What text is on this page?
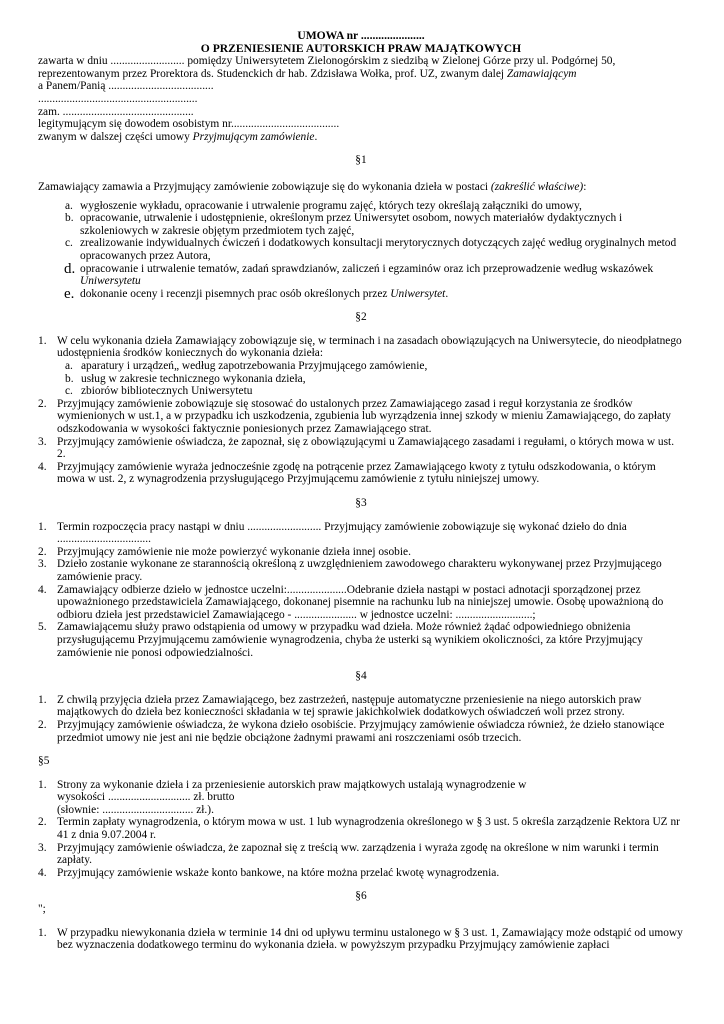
UMOWA nr ......................
O PRZENIESIENIE AUTORSKICH PRAW MAJĄTKOWYCH
zawarta w dniu .......................... pomiędzy Uniwersytetem Zielonogórskim z siedzibą w Zielonej Górze przy ul. Podgórnej 50,
reprezentowanym przez Prorektora ds. Studenckich dr hab. Zdzisława Wołka, prof. UZ, zwanym dalej Zamawiającym
a Panem/Panią .....................................
........................................................
zam. ..............................................
legitymującym się dowodem osobistym nr......................................
zwanym w dalszej części umowy Przyjmującym zamówienie.
§1
Zamawiający zamawia a Przyjmujący zamówienie zobowiązuje się do wykonania dzieła w postaci (zakreślić właściwe):
a. wygłoszenie wykładu, opracowanie i utrwalenie programu zajęć, których tezy określają załączniki do umowy,
b. opracowanie, utrwalenie i udostępnienie, określonym przez Uniwersytet osobom, nowych materiałów dydaktycznych i szkoleniowych w zakresie objętym przedmiotem tych zajęć,
c. zrealizowanie indywidualnych ćwiczeń i dodatkowych konsultacji merytorycznych dotyczących zajęć według oryginalnych metod opracowanych przez Autora,
d. opracowanie i utrwalenie tematów, zadań sprawdzianów, zaliczeń i egzaminów oraz ich przeprowadzenie według wskazówek Uniwersytetu
e. dokonanie oceny i recenzji pisemnych prac osób określonych przez Uniwersytet.
§2
1. W celu wykonania dzieła Zamawiający zobowiązuje się, w terminach i na zasadach obowiązujących na Uniwersytecie, do nieodpłatnego udostępnienia środków koniecznych do wykonania dzieła:
a. aparatury i urządzeń„ według zapotrzebowania Przyjmującego zamówienie,
b. usług w zakresie technicznego wykonania dzieła,
c. zbiorów bibliotecznych Uniwersytetu
2. Przyjmujący zamówienie zobowiązuje się stosować do ustalonych przez Zamawiającego zasad i reguł korzystania ze środków wymienionych w ust.1, a w przypadku ich uszkodzenia, zgubienia lub wyrządzenia innej szkody w mieniu Zamawiającego, do zapłaty odszkodowania w wysokości faktycznie poniesionych przez Zamawiającego strat.
3. Przyjmujący zamówienie oświadcza, że zapoznał, się z obowiązującymi u Zamawiającego zasadami i regułami, o których mowa w ust. 2.
4. Przyjmujący zamówienie wyraża jednocześnie zgodę na potrącenie przez Zamawiającego kwoty z tytułu odszkodowania, o którym mowa w ust. 2, z wynagrodzenia przysługującego Przyjmującemu zamówienie z tytułu niniejszej umowy.
§3
1. Termin rozpoczęcia pracy nastąpi w dniu .......................... Przyjmujący zamówienie zobowiązuje się wykonać dzieło do dnia .................................
2. Przyjmujący zamówienie nie może powierzyć wykonanie dzieła innej osobie.
3. Dzieło zostanie wykonane ze starannością określoną z uwzględnieniem zawodowego charakteru wykonywanej przez Przyjmującego zamówienie pracy.
4. Zamawiający odbierze dzieło w jednostce uczelni:.....................Odebranie dzieła nastąpi w postaci adnotacji sporządzonej przez upoważnionego przedstawiciela Zamawiającego, dokonanej pisemnie na rachunku lub na niniejszej umowie. Osobę upoważnioną do odbioru dzieła jest przedstawiciel Zamawiającego - ...................... w jednostce uczelni: ...........................;
5. Zamawiającemu służy prawo odstąpienia od umowy w przypadku wad dzieła. Może również żądać odpowiedniego obniżenia przysługującemu Przyjmującemu zamówienie wynagrodzenia, chyba że usterki są wynikiem okoliczności, za które Przyjmujący zamówienie nie ponosi odpowiedzialności.
§4
1. Z chwilą przyjęcia dzieła przez Zamawiającego, bez zastrzeżeń, następuje automatyczne przeniesienie na niego autorskich praw majątkowych do dzieła bez konieczności składania w tej sprawie jakichkolwiek dodatkowych oświadczeń woli przez strony.
2. Przyjmujący zamówienie oświadcza, że wykona dzieło osobiście. Przyjmujący zamówienie oświadcza również, że dzieło stanowiące przedmiot umowy nie jest ani nie będzie obciążone żadnymi prawami ani roszczeniami osób trzecich.
§5
1. Strony za wykonanie dzieła i za przeniesienie autorskich praw majątkowych ustalają wynagrodzenie w
wysokości ............................. zł. brutto
(słownie: ................................ zł.).
2. Termin zapłaty wynagrodzenia, o którym mowa w ust. 1 lub wynagrodzenia określonego w § 3 ust. 5 określa zarządzenie Rektora UZ nr 41 z dnia 9.07.2004 r.
3. Przyjmujący zamówienie oświadcza, że zapoznał się z treścią ww. zarządzenia i wyraża zgodę na określone w nim warunki i termin zapłaty.
4. Przyjmujący zamówienie wskaże konto bankowe, na które można przelać kwotę wynagrodzenia.
§6
";
1. W przypadku niewykonania dzieła w terminie 14 dni od upływu terminu ustalonego w § 3 ust. 1, Zamawiający może odstąpić od umowy bez wyznaczenia dodatkowego terminu do wykonania dzieła. w powyższym przypadku Przyjmujący zamówienie zapłaci
